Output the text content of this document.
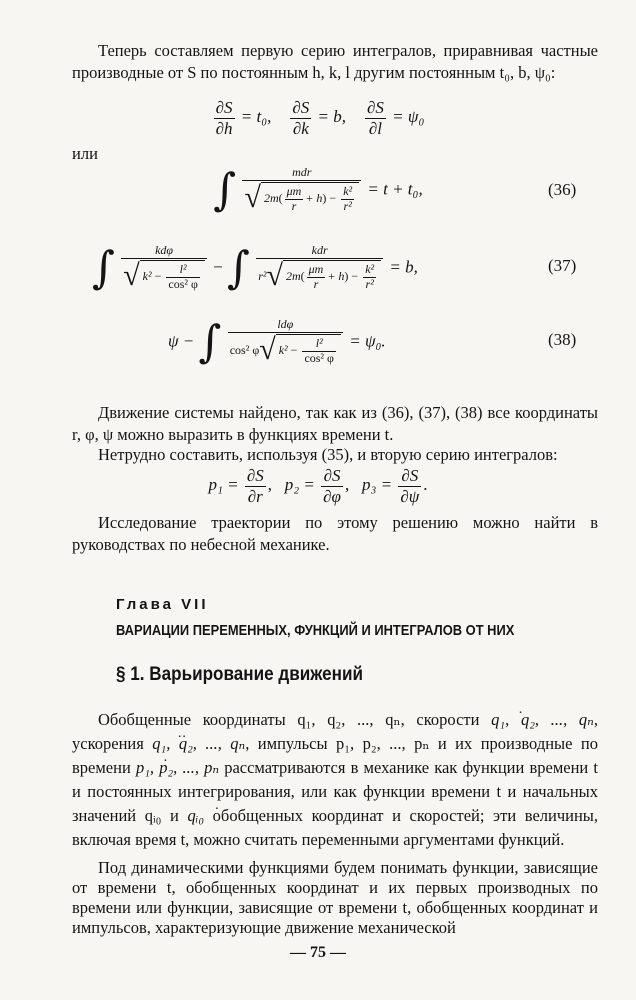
Теперь составляем первую серию интегралов, приравнивая частные производные от S по постоянным h, k, l другим постоянным t₀, b, ψ₀:

$\frac{\partial S}{\partial h} = t_0$, $\frac{\partial S}{\partial k} = b$, $\frac{\partial S}{\partial l} = \psi_0$
или
∫ $\frac{\text{mdr}}{√ 2m( \frac{\mu m}{r} + h) - \frac{\text{k²}}{\text{r²}}} = t + t_0$,	(36)
∫ $\frac{\text{kdφ}}{√ k^2 - \frac{\text{l²}}{\text{cos² φ}}}$ − ∫ $\frac{\text{kdr}}{r^2√ 2m( \frac{\mu m}{r} + h) - \frac{\text{k²}}{\text{r²}}} = b$,	(37)
ψ − ∫ $\frac{\text{ldφ}}{\cos^2 \varphi√ k^2 - \frac{\text{l²}}{\text{cos² φ}}} = \psi_0$.	(38)

Движение системы найдено, так как из (36), (37), (38) все координаты r, φ, ψ можно выразить в функциях времени t.

Нетрудно составить, используя (35), и вторую серию интегралов:

$p_1 = \frac{\partial S}{\partial r}$ , $p_2 = \frac{\partial S}{\partial\varphi}$ , $p_3 = \frac{\partial S}{\partial\psi}$ .

Исследование траектории по этому решению можно найти в руководствах по небесной механике.

Глава VII
ВАРИАЦИИ ПЕРЕМЕННЫХ, ФУНКЦИЙ И ИНТЕГРАЛОВ ОТ НИХ
§ 1. Варьирование движений

Обобщенные координаты q₁, q₂, ..., qₙ, скорости q₁, q₂, ..., qₙ ., ускорения q₁, q₂, ..., qₙ .., импульсы p₁, p₂, ..., pₙ и их производные по времени p₁, p₂, ..., pₙ . рассматриваются в механике как функции времени t и постоянных интегрирования, или как функции времени t и начальных значений qᵢ₀ и qᵢ₀ . обобщенных координат и скоростей; эти величины, включая время t, можно считать переменными аргументами функций.

Под динамическими функциями будем понимать функции, зависящие от времени t, обобщенных координат и их первых производных по времени или функции, зависящие от времени t, обобщенных координат и импульсов, характеризующие движение механической

— 75 —
